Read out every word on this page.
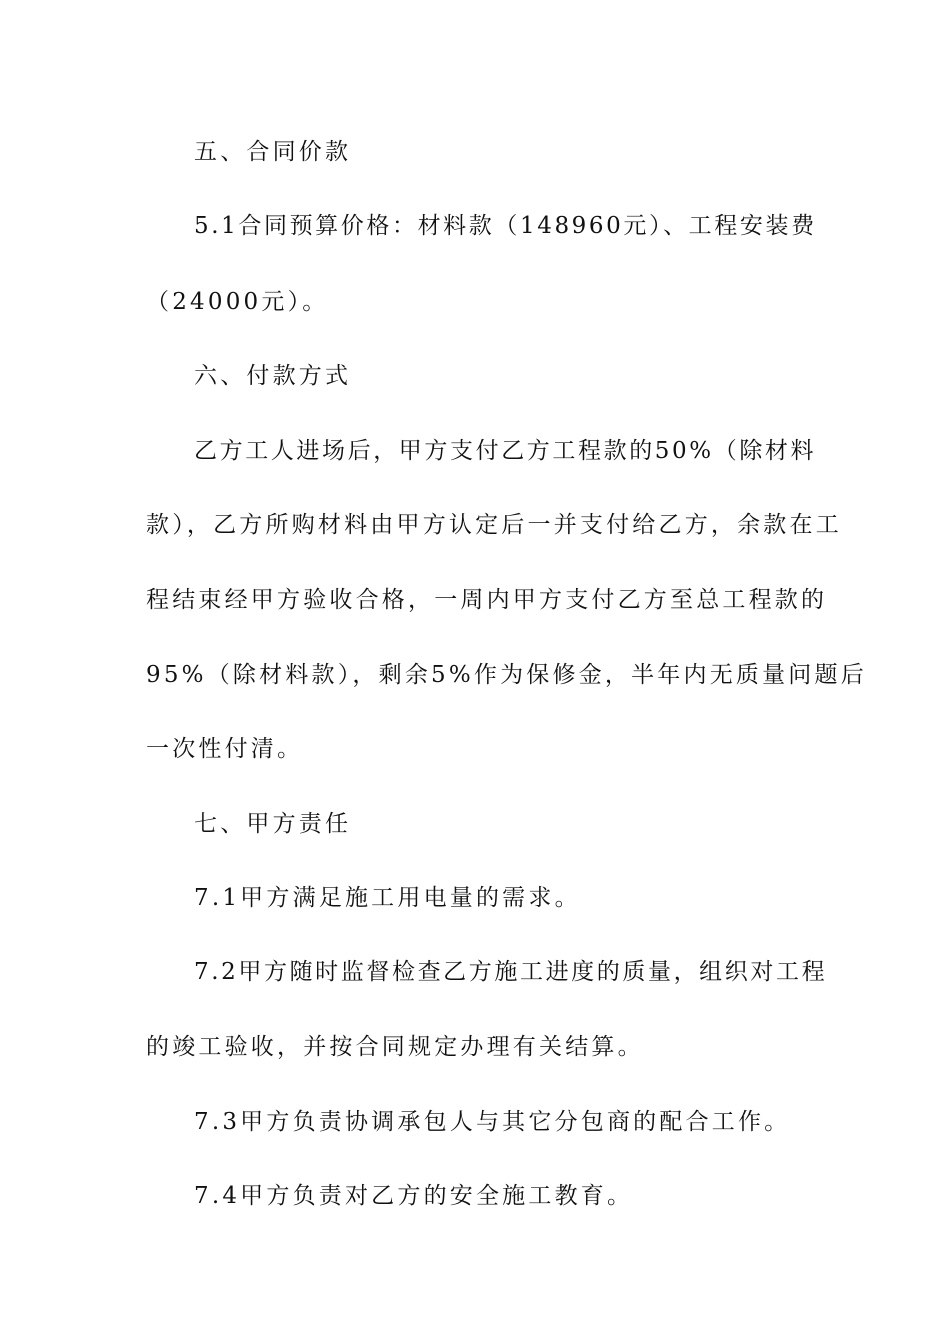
五、合同价款
5.1合同预算价格：材料款（148960元）、工程安装费
（24000元）。
六、付款方式
乙方工人进场后，甲方支付乙方工程款的50%（除材料
款），乙方所购材料由甲方认定后一并支付给乙方，余款在工
程结束经甲方验收合格，一周内甲方支付乙方至总工程款的
95%（除材料款），剩余5%作为保修金，半年内无质量问题后
一次性付清。
七、甲方责任
7.1甲方满足施工用电量的需求。
7.2甲方随时监督检查乙方施工进度的质量，组织对工程
的竣工验收，并按合同规定办理有关结算。
7.3甲方负责协调承包人与其它分包商的配合工作。
7.4甲方负责对乙方的安全施工教育。
